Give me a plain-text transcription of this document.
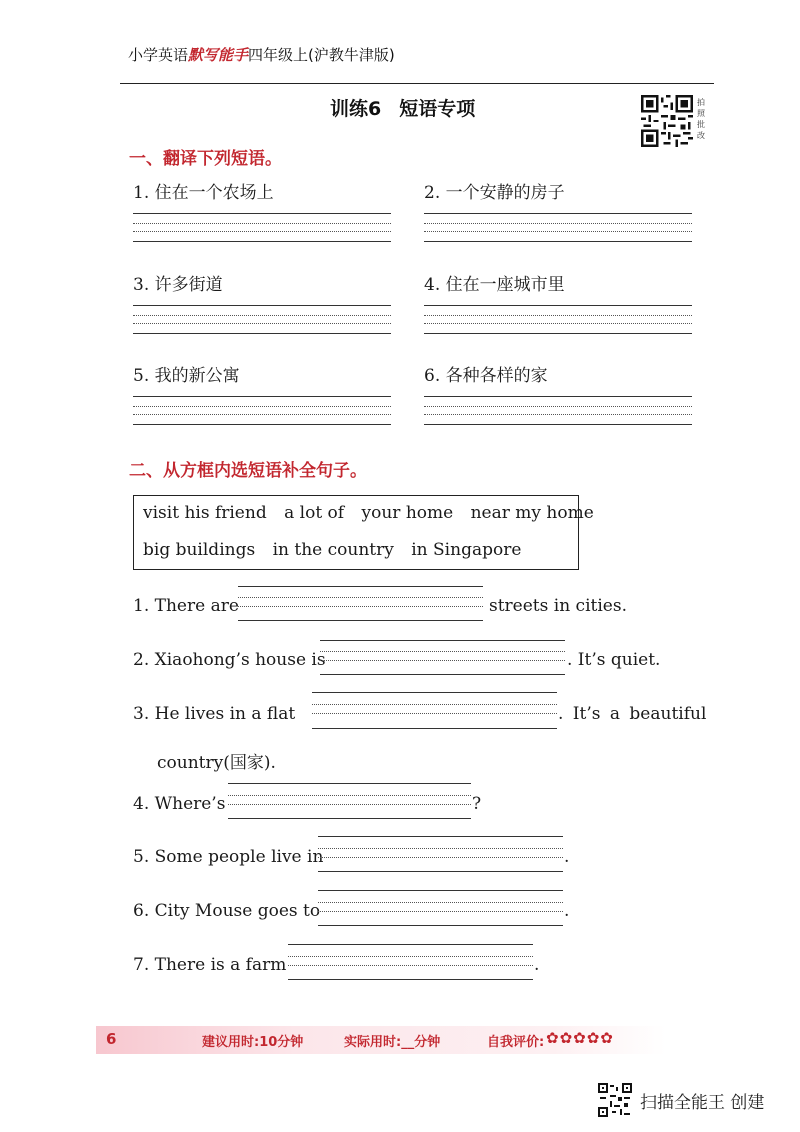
小学英语默写能手四年级上(沪教牛津版)
训练6 短语专项	拍照批改
一、翻译下列短语。
1. 住在一个农场上	2. 一个安静的房子
3. 许多街道	4. 住在一座城市里
5. 我的新公寓	6. 各种各样的家
二、从方框内选短语补全句子。
visit his friend a lot of your home near my home
big buildings in the country in Singapore
1. There are	streets in cities.
2. Xiaohong’s house is	. It’s quiet.
3. He lives in a flat	. It’s a beautiful
country(国家).
4. Where’s	?
5. Some people live in	.
6. City Mouse goes to	.
7. There is a farm	.
6	建议用时:10分钟	实际用时:__分钟	自我评价: ✿✿✿✿✿
扫描全能王 创建
